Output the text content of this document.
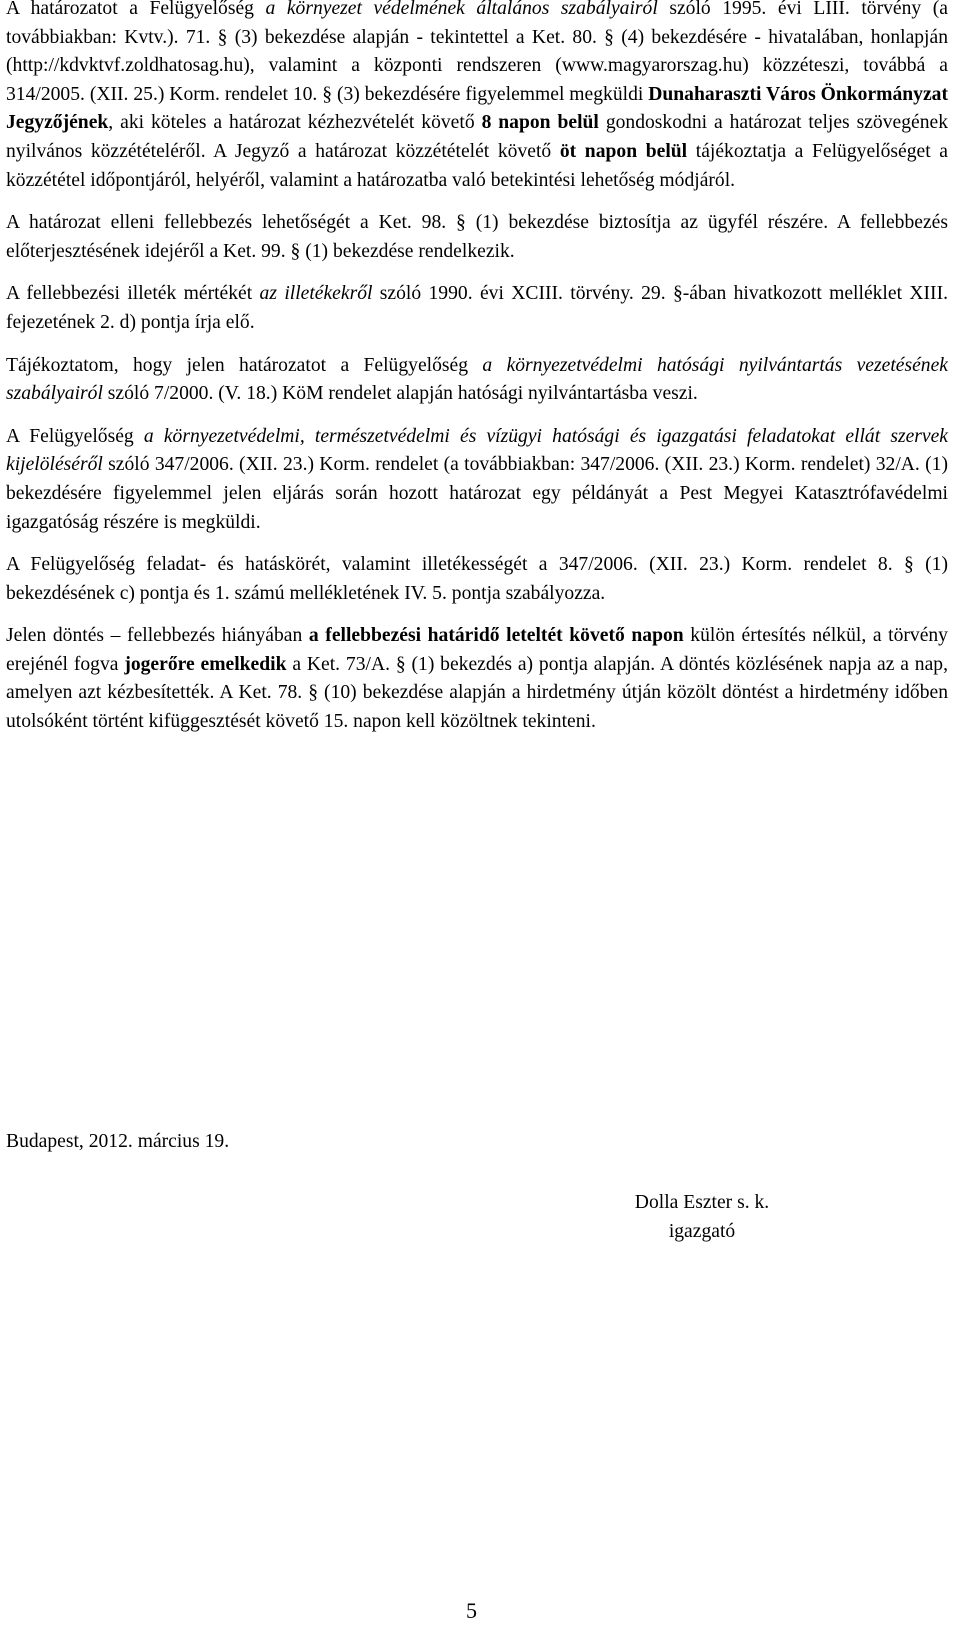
A határozatot a Felügyelőség a környezet védelmének általános szabályairól szóló 1995. évi LIII. törvény (a továbbiakban: Kvtv.). 71. § (3) bekezdése alapján - tekintettel a Ket. 80. § (4) bekezdésére - hivatalában, honlapján (http://kdvktvf.zoldhatosag.hu), valamint a központi rendszeren (www.magyarorszag.hu) közzéteszi, továbbá a 314/2005. (XII. 25.) Korm. rendelet 10. § (3) bekezdésére figyelemmel megküldi Dunaharaszti Város Önkormányzat Jegyzőjének, aki köteles a határozat kézhezvételét követő 8 napon belül gondoskodni a határozat teljes szövegének nyilvános közzétételéről. A Jegyző a határozat közzétételét követő öt napon belül tájékoztatja a Felügyelőséget a közzététel időpontjáról, helyéről, valamint a határozatba való betekintési lehetőség módjáról.

A határozat elleni fellebbezés lehetőségét a Ket. 98. § (1) bekezdése biztosítja az ügyfél részére. A fellebbezés előterjesztésének idejéről a Ket. 99. § (1) bekezdése rendelkezik.

A fellebbezési illeték mértékét az illetékekről szóló 1990. évi XCIII. törvény. 29. §-ában hivatkozott melléklet XIII. fejezetének 2. d) pontja írja elő.

Tájékoztatom, hogy jelen határozatot a Felügyelőség a környezetvédelmi hatósági nyilvántartás vezetésének szabályairól szóló 7/2000. (V. 18.) KöM rendelet alapján hatósági nyilvántartásba veszi.

A Felügyelőség a környezetvédelmi, természetvédelmi és vízügyi hatósági és igazgatási feladatokat ellát szervek kijelöléséről szóló 347/2006. (XII. 23.) Korm. rendelet (a továbbiakban: 347/2006. (XII. 23.) Korm. rendelet) 32/A. (1) bekezdésére figyelemmel jelen eljárás során hozott határozat egy példányát a Pest Megyei Katasztrófavédelmi igazgatóság részére is megküldi.

A Felügyelőség feladat- és hatáskörét, valamint illetékességét a 347/2006. (XII. 23.) Korm. rendelet 8. § (1) bekezdésének c) pontja és 1. számú mellékletének IV. 5. pontja szabályozza.

Jelen döntés – fellebbezés hiányában a fellebbezési határidő leteltét követő napon külön értesítés nélkül, a törvény erejénél fogva jogerőre emelkedik a Ket. 73/A. § (1) bekezdés a) pontja alapján. A döntés közlésének napja az a nap, amelyen azt kézbesítették. A Ket. 78. § (10) bekezdése alapján a hirdetmény útján közölt döntést a hirdetmény időben utolsóként történt kifüggesztését követő 15. napon kell közöltnek tekinteni.

Budapest, 2012. március 19.
Dolla Eszter s. k.
igazgató
5
